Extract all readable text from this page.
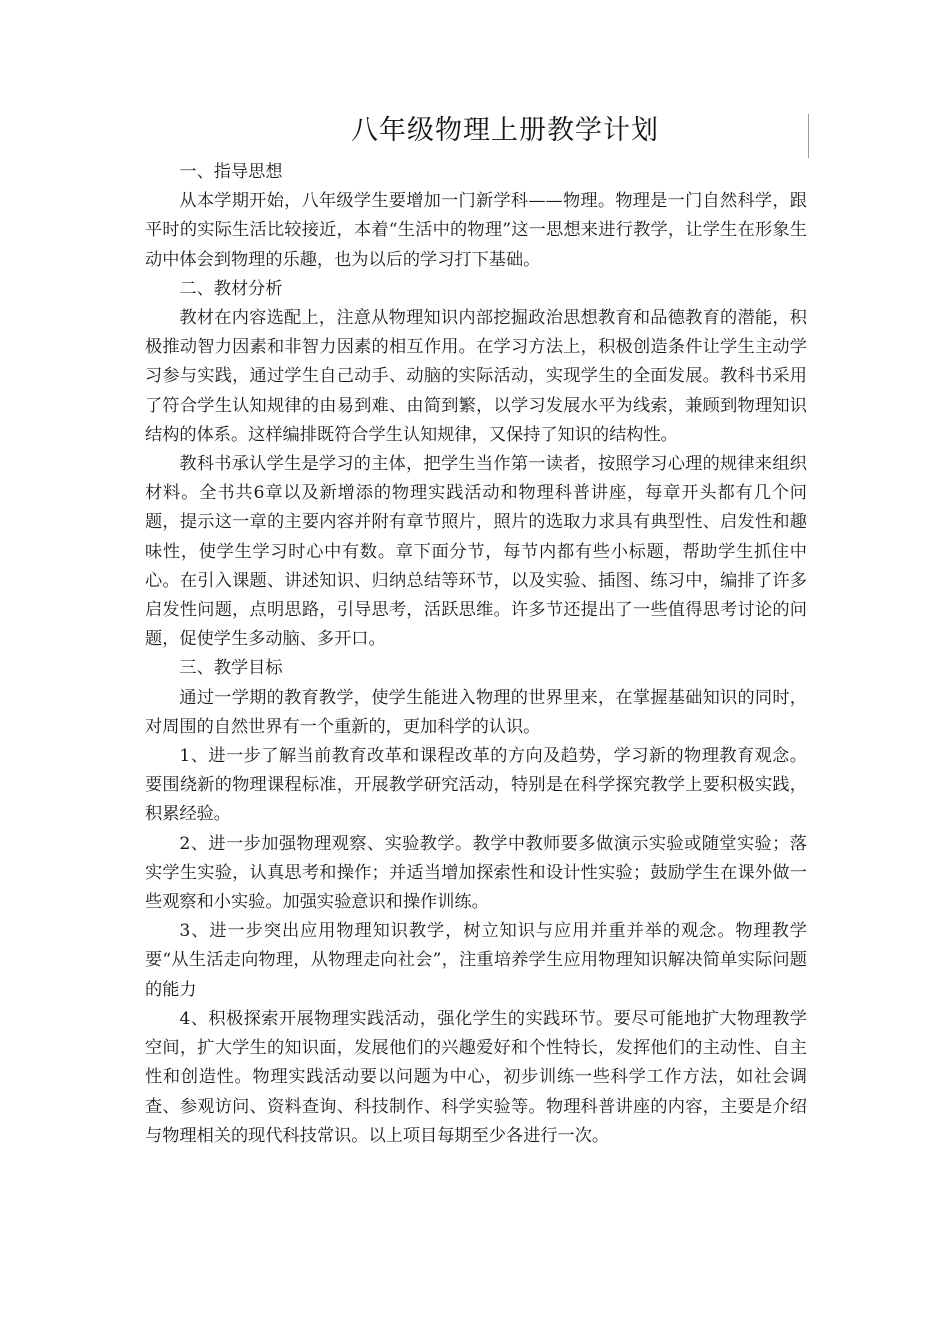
八年级物理上册教学计划

一、指导思想

从本学期开始，八年级学生要增加一门新学科——物理。物理是一门自然科学，跟平时的实际生活比较接近，本着“生活中的物理”这一思想来进行教学，让学生在形象生动中体会到物理的乐趣，也为以后的学习打下基础。

二、教材分析

教材在内容选配上，注意从物理知识内部挖掘政治思想教育和品德教育的潜能，积极推动智力因素和非智力因素的相互作用。在学习方法上，积极创造条件让学生主动学习参与实践，通过学生自己动手、动脑的实际活动，实现学生的全面发展。教科书采用了符合学生认知规律的由易到难、由简到繁，以学习发展水平为线索，兼顾到物理知识结构的体系。这样编排既符合学生认知规律，又保持了知识的结构性。

教科书承认学生是学习的主体，把学生当作第一读者，按照学习心理的规律来组织材料。全书共6章以及新增添的物理实践活动和物理科普讲座，每章开头都有几个问题，提示这一章的主要内容并附有章节照片，照片的选取力求具有典型性、启发性和趣味性，使学生学习时心中有数。章下面分节，每节内都有些小标题，帮助学生抓住中心。在引入课题、讲述知识、归纳总结等环节，以及实验、插图、练习中，编排了许多启发性问题，点明思路，引导思考，活跃思维。许多节还提出了一些值得思考讨论的问题，促使学生多动脑、多开口。

三、教学目标

通过一学期的教育教学，使学生能进入物理的世界里来，在掌握基础知识的同时，对周围的自然世界有一个重新的，更加科学的认识。

1、进一步了解当前教育改革和课程改革的方向及趋势，学习新的物理教育观念。要围绕新的物理课程标准，开展教学研究活动，特别是在科学探究教学上要积极实践，积累经验。

2、进一步加强物理观察、实验教学。教学中教师要多做演示实验或随堂实验；落实学生实验，认真思考和操作；并适当增加探索性和设计性实验；鼓励学生在课外做一些观察和小实验。加强实验意识和操作训练。

3、进一步突出应用物理知识教学，树立知识与应用并重并举的观念。物理教学要“从生活走向物理，从物理走向社会”，注重培养学生应用物理知识解决简单实际问题的能力

4、积极探索开展物理实践活动，强化学生的实践环节。要尽可能地扩大物理教学空间，扩大学生的知识面，发展他们的兴趣爱好和个性特长，发挥他们的主动性、自主性和创造性。物理实践活动要以问题为中心，初步训练一些科学工作方法，如社会调查、参观访问、资料查询、科技制作、科学实验等。物理科普讲座的内容，主要是介绍与物理相关的现代科技常识。以上项目每期至少各进行一次。
